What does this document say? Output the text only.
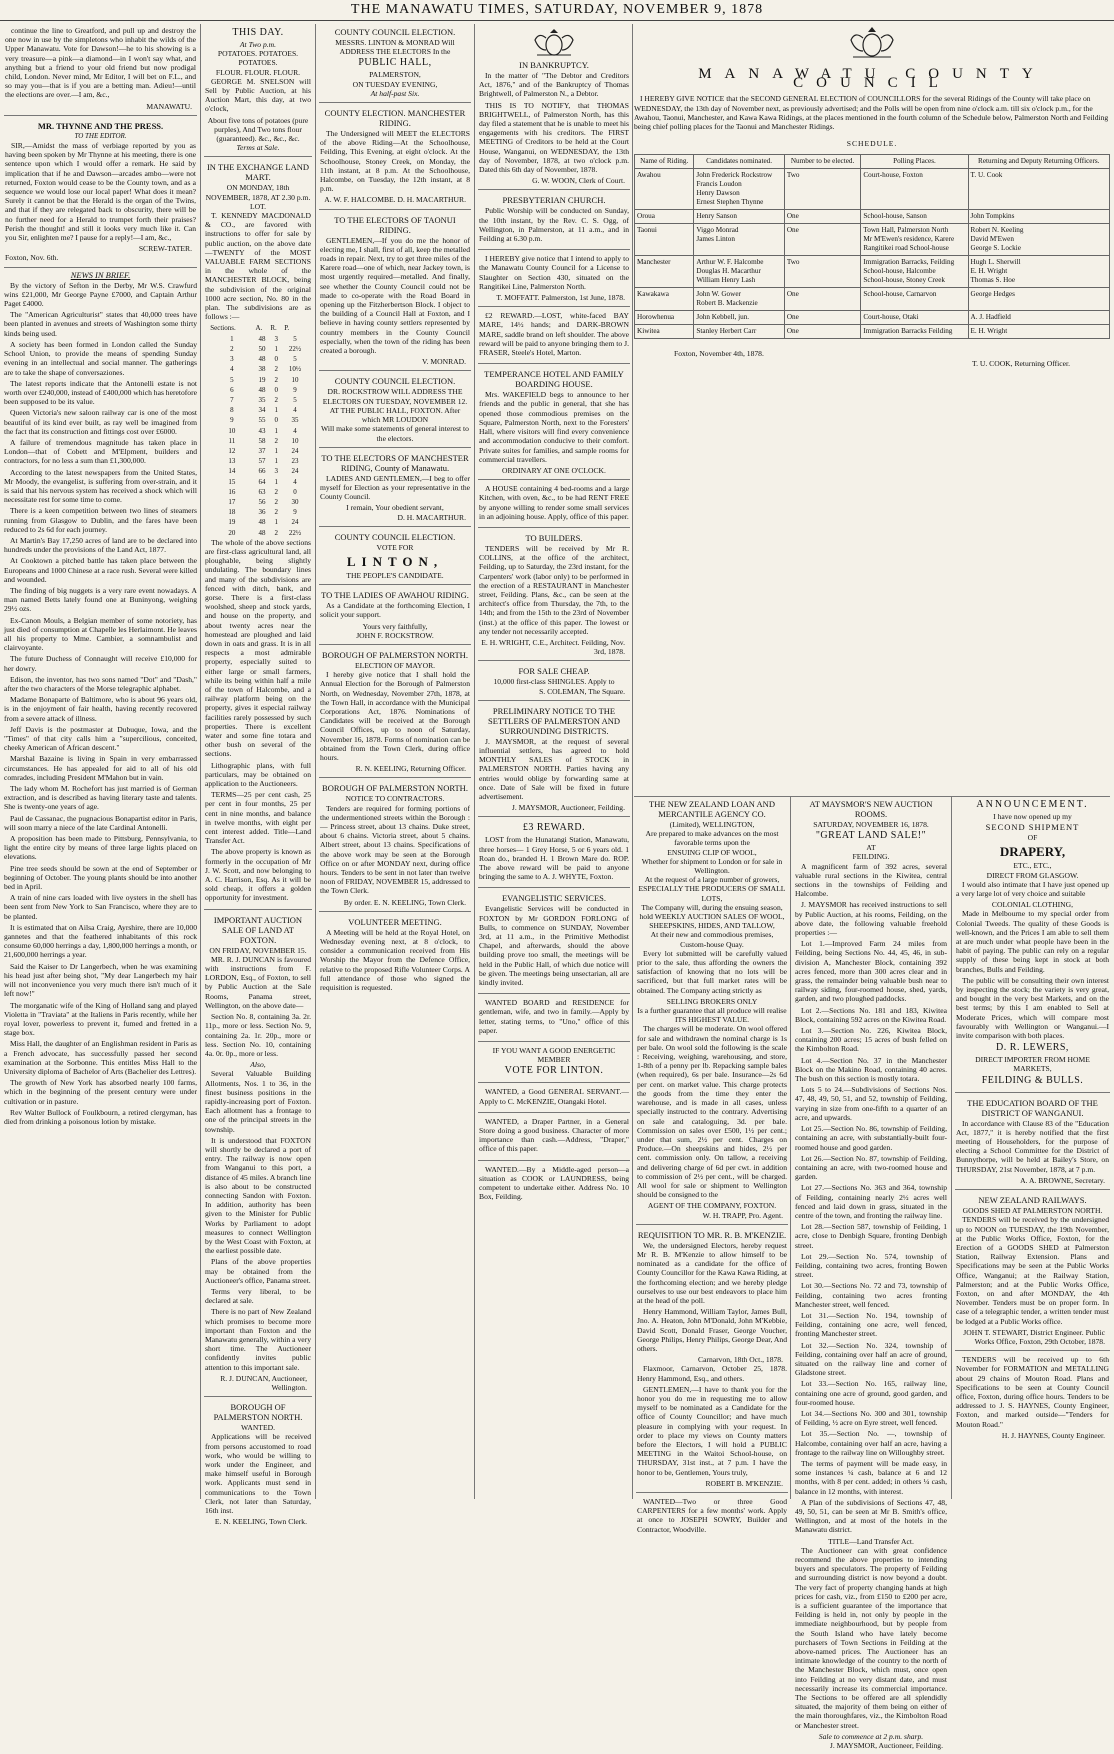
THE MANAWATU TIMES, SATURDAY, NOVEMBER 9, 1878

continue the line to Greatford, and pull up and destroy the one now in use by the simpletons who inhabit the wilds of the Upper Manawatu. Vote for Dawson!—he to his showing is a very treasure—a pink—a diamond—in I won't say what, and anything but a friend to your old friend but now prodigal child, London. Never mind, Mr Editor, I will bet on F.L., and so may you—that is if you are a betting man. Adieu!—until the elections are over.—I am, &c.,

MANAWATU.
MR. THYNNE AND THE PRESS.
TO THE EDITOR.

SIR,—Amidst the mass of verbiage reported by you as having been spoken by Mr Thynne at his meeting, there is one sentence upon which I would offer a remark. He said by implication that if he and Dawson—arcades ambo—were not returned, Foxton would cease to be the County town, and as a sequence we would lose our local paper! What does it mean? Surely it cannot be that the Herald is the organ of the Twins, and that if they are relegated back to obscurity, there will be no further need for a Herald to trumpet forth their praises? Perish the thought! and still it looks very much like it. Can you Sir, enlighten me? I pause for a reply!—I am, &c.,

SCREW-TATER.
Foxton, Nov. 6th.
NEWS IN BRIEF.

By the victory of Sefton in the Derby, Mr W.S. Crawfurd wins £21,000, Mr George Payne £7000, and Captain Arthur Paget £4000.

The "American Agriculturist" states that 40,000 trees have been planted in avenues and streets of Washington some thirty kinds being used.

A society has been formed in London called the Sunday School Union, to provide the means of spending Sunday evening in an intellectual and social manner. The gatherings are to take the shape of conversaziones.

The latest reports indicate that the Antonelli estate is not worth over £240,000, instead of £400,000 which has heretofore been supposed to be its value.

Queen Victoria's new saloon railway car is one of the most beautiful of its kind ever built, as ray well be imagined from the fact that its construction and fittings cost over £6000.

A failure of tremendous magnitude has taken place in London—that of Cobett and M'Elpment, builders and contractors, for no less a sum than £1,300,000.

According to the latest newspapers from the United States, Mr Moody, the evangelist, is suffering from over-strain, and it is said that his nervous system has received a shock which will necessitate rest for some time to come.

There is a keen competition between two lines of steamers running from Glasgow to Dublin, and the fares have been reduced to 2s 6d for each journey.

At Martin's Bay 17,250 acres of land are to be declared into hundreds under the provisions of the Land Act, 1877.

At Cooktown a pitched battle has taken place between the Europeans and 1000 Chinese at a race rush. Several were killed and wounded.

The finding of big nuggets is a very rare event nowadays. A man named Betts lately found one at Buninyong, weighing 29½ ozs.

Ex-Canon Mouls, a Belgian member of some notoriety, has just died of consumption at Chapelle les Herlaimont. He leaves all his property to Mme. Cambier, a somnambulist and clairvoyante.

The future Duchess of Connaught will receive £10,000 for her dowry.

Edison, the inventor, has two sons named "Dot" and "Dash," after the two characters of the Morse telegraphic alphabet.

Madame Bonaparte of Baltimore, who is about 96 years old, is in the enjoyment of fair health, having recently recovered from a severe attack of illness.

Jeff Davis is the postmaster at Dubuque, Iowa, and the "Times" of that city calls him a "supercilious, conceited, cheeky American of African descent."

Marshal Bazaine is living in Spain in very embarrassed circumstances. He has appealed for aid to all of his old comrades, including President M'Mahon but in vain.

The lady whom M. Rochefort has just married is of German extraction, and is described as having literary taste and talents. She is twenty-one years of age.

Paul de Cassanac, the pugnacious Bonapartist editor in Paris, will soon marry a niece of the late Cardinal Antonelli.

A proposition has been made to Pittsburg, Pennsylvania, to light the entire city by means of three large lights placed on elevations.

Pine tree seeds should be sown at the end of September or beginning of October. The young plants should be into another bed in April.

A train of nine cars loaded with live oysters in the shell has been sent from New York to San Francisco, where they are to be planted.

It is estimated that on Ailsa Craig, Ayrshire, there are 10,000 gannetes and that the feathered inhabitants of this rock consume 60,000 herrings a day, 1,800,000 herrings a month, or 21,600,000 herrings a year.

Said the Kaiser to Dr Langerbech, when he was examining his head just after being shot, "My dear Langerbech my hair will not inconvenience you very much there isn't much of it left now!"

The morganatic wife of the King of Holland sang and played Violetta in "Traviata" at the Italiens in Paris recently, while her royal lover, powerless to prevent it, fumed and fretted in a stage box.

Miss Hall, the daughter of an Englishman resident in Paris as a French advocate, has successfully passed her second examination at the Sorbonne. This entitles Miss Hall to the University diploma of Bachelor of Arts (Bachelier des Lettres).

The growth of New York has absorbed nearly 100 farms, which in the beginning of the present century were under cultivation or in pasture.

Rev Walter Bullock of Foulkbourn, a retired clergyman, has died from drinking a poisonous lotion by mistake.

THIS DAY.
At Two p.m.
POTATOES. POTATOES. POTATOES.
FLOUR. FLOUR. FLOUR.

GEORGE M. SNELSON will Sell by Public Auction, at his Auction Mart, this day, at two o'clock,

About five tons of potatoes (pure purples), And Two tons flour (guaranteed). &c., &c., &c.
Terms at Sale.
IN THE EXCHANGE LAND MART.
ON MONDAY, 18th NOVEMBER, 1878, AT 2.30 p.m.
LOT.

T. KENNEDY MACDONALD & CO., are favored with instructions to offer for sale by public auction, on the above date—TWENTY of the MOST VALUABLE FARM SECTIONS in the whole of the MANCHESTER BLOCK, being the subdivision of the original 1000 acre section, No. 80 in the plan. The subdivisions are as follows :—

Sections.	A.	R.	P.
1	48	3	5
2	50	1	22½
3	48	0	5
4	38	2	10½
5	19	2	10
6	48	0	9
7	35	2	5
8	34	1	4
9	55	0	35
10	43	1	4
11	58	2	10
12	37	1	24
13	57	1	23
14	66	3	24
15	64	1	4
16	63	2	0
17	56	2	30
18	36	2	9
19	48	1	24
20	48	2	22½

The whole of the above sections are first-class agricultural land, all ploughable, being slightly undulating. The boundary lines and many of the subdivisions are fenced with ditch, bank, and gorse. There is a first-class woolshed, sheep and stock yards, and house on the property, and about twenty acres near the homestead are ploughed and laid down in oats and grass. It is in all respects a most admirable property, especially suited to either large or small farmers, while its being within half a mile of the town of Halcombe, and a railway platform being on the property, gives it especial railway facilities rarely possessed by such properties. There is excellent water and some fine totara and other bush on several of the sections.

Lithographic plans, with full particulars, may be obtained on application to the Auctioneers.

TERMS—25 per cent cash, 25 per cent in four months, 25 per cent in nine months, and balance in twelve months, with eight per cent interest added. Title—Land Transfer Act.

The above property is known as formerly in the occupation of Mr J. W. Scott, and now belonging to A. C. Harrison, Esq. As it will be sold cheap, it offers a golden opportunity for investment.

IMPORTANT AUCTION SALE OF LAND AT FOXTON.
ON FRIDAY, NOVEMBER 15.

MR. R. J. DUNCAN is favoured with instructions from F. LORDON, Esq., of Foxton, to sell by Public Auction at the Sale Rooms, Panama street, Wellington, on the above date—

Section No. 8, containing 3a. 2r. 11p., more or less. Section No. 9, containing 2a. 1r. 20p., more or less. Section No. 10, containing 4a. 0r. 0p., more or less.

Also,

Several Valuable Building Allotments, Nos. 1 to 36, in the finest business positions in the rapidly-increasing port of Foxton. Each allotment has a frontage to one of the principal streets in the township.

It is understood that FOXTON will shortly be declared a port of entry. The railway is now open from Wanganui to this port, a distance of 45 miles. A branch line is also about to be constructed connecting Sandon with Foxton. In addition, authority has been given to the Minister for Public Works by Parliament to adopt measures to connect Wellington by the West Coast with Foxton, at the earliest possible date.

Plans of the above properties may be obtained from the Auctioneer's office, Panama street.

Terms very liberal, to be declared at sale.

There is no part of New Zealand which promises to become more important than Foxton and the Manawatu generally, within a very short time. The Auctioneer confidently invites public attention to this important sale.

R. J. DUNCAN, Auctioneer, Wellington.
BOROUGH OF PALMERSTON NORTH.
WANTED.

Applications will be received from persons accustomed to road work, who would be willing to work under the Engineer, and make himself useful in Borough work. Applicants must send in communications to the Town Clerk, not later than Saturday, 16th inst.

E. N. KEELING, Town Clerk.
COUNTY COUNCIL ELECTION.
MESSRS. LINTON & MONRAD Will ADDRESS THE ELECTORS In the
PUBLIC HALL,
PALMERSTON,
ON TUESDAY EVENING,
At half-past Six.
COUNTY ELECTION. MANCHESTER RIDING.

The Undersigned will MEET the ELECTORS of the above Riding—At the Schoolhouse, Feilding, This Evening, at eight o'clock. At the Schoolhouse, Stoney Creek, on Monday, the 11th instant, at 8 p.m. At the Schoolhouse, Halcombe, on Tuesday, the 12th instant, at 8 p.m.

A. W. F. HALCOMBE. D. H. MACARTHUR.
TO THE ELECTORS OF TAONUI RIDING.

GENTLEMEN,—If you do me the honor of electing me, I shall, first of all, keep the metalled roads in repair. Next, try to get three miles of the Karere road—one of which, near Jackey town, is most urgently required—metalled. And finally, see whether the County Council could not be made to co-operate with the Road Board in opening up the Fitzherbertson Block. I object to the building of a Council Hall at Foxton, and I believe in having county settlers represented by country members in the County Council especially, when the town of the riding has been created a borough.

V. MONRAD.
COUNTY COUNCIL ELECTION.
DR. ROCKSTROW WILL ADDRESS THE ELECTORS ON TUESDAY, NOVEMBER 12. AT THE PUBLIC HALL, FOXTON. After which MR LOUDON
Will make some statements of general interest to the electors.
TO THE ELECTORS OF MANCHESTER RIDING, County of Manawatu.

LADIES AND GENTLEMEN,—I beg to offer myself for Election as your representative in the County Council.

I remain, Your obedient servant,
D. H. MACARTHUR.
COUNTY COUNCIL ELECTION.
VOTE FOR
LINTON,
THE PEOPLE'S CANDIDATE.
TO THE LADIES OF AWAHOU RIDING.

As a Candidate at the forthcoming Election, I solicit your support.

Yours very faithfully,
JOHN F. ROCKSTROW.
BOROUGH OF PALMERSTON NORTH.
ELECTION OF MAYOR.

I hereby give notice that I shall hold the Annual Election for the Borough of Palmerston North, on Wednesday, November 27th, 1878, at the Town Hall, in accordance with the Municipal Corporations Act, 1876. Nominations of Candidates will be received at the Borough Council Offices, up to noon of Saturday, November 16, 1878. Forms of nomination can be obtained from the Town Clerk, during office hours.

R. N. KEELING, Returning Officer.
BOROUGH OF PALMERSTON NORTH.
NOTICE TO CONTRACTORS.

Tenders are required for forming portions of the undermentioned streets within the Borough :— Princess street, about 13 chains. Duke street, about 6 chains. Victoria street, about 5 chains. Albert street, about 13 chains. Specifications of the above work may be seen at the Borough Office on or after MONDAY next, during office hours. Tenders to be sent in not later than twelve noon of FRIDAY, NOVEMBER 15, addressed to the Town Clerk.

By order. E. N. KEELING, Town Clerk.
VOLUNTEER MEETING.

A Meeting will be held at the Royal Hotel, on Wednesday evening next, at 8 o'clock, to consider a communication received from His Worship the Mayor from the Defence Office, relative to the proposed Rifle Volunteer Corps. A full attendance of those who signed the requisition is requested.

IN BANKRUPTCY.

In the matter of "The Debtor and Creditors Act, 1876," and of the Bankruptcy of Thomas Brightwell, of Palmerston N., a Debtor.

THIS IS TO NOTIFY, that THOMAS BRIGHTWELL, of Palmerston North, has this day filed a statement that he is unable to meet his engagements with his creditors. The FIRST MEETING of Creditors to be held at the Court House, Wanganui, on WEDNESDAY, the 13th day of November, 1878, at two o'clock p.m. Dated this 6th day of November, 1878.

G. W. WOON, Clerk of Court.
PRESBYTERIAN CHURCH.

Public Worship will be conducted on Sunday, the 10th instant, by the Rev. C. S. Ogg, of Wellington, in Palmerston, at 11 a.m., and in Feilding at 6.30 p.m.

I HEREBY give notice that I intend to apply to the Manawatu County Council for a License to Slaughter on Section 430, situated on the Rangitikei Line, Palmerston North.

T. MOFFATT. Palmerston, 1st June, 1878.

£2 REWARD.—LOST, white-faced BAY MARE, 14½ hands; and DARK-BROWN MARE, saddle brand on left shoulder. The above reward will be paid to anyone bringing them to J. FRASER, Steele's Hotel, Marton.

TEMPERANCE HOTEL AND FAMILY BOARDING HOUSE.

Mrs. WAKEFIELD begs to announce to her friends and the public in general, that she has opened those commodious premises on the Square, Palmerston North, next to the Foresters' Hall, where visitors will find every convenience and accommodation conducive to their comfort. Private suites for families, and sample rooms for commercial travellers.

ORDINARY AT ONE O'CLOCK.

A HOUSE containing 4 bed-rooms and a large Kitchen, with oven, &c., to be had RENT FREE by anyone willing to render some small services in an adjoining house. Apply, office of this paper.

TO BUILDERS.

TENDERS will be received by Mr R. COLLINS, at the office of the architect, Feilding, up to Saturday, the 23rd instant, for the Carpenters' work (labor only) to be performed in the erection of a RESTAURANT in Manchester street, Feilding. Plans, &c., can be seen at the architect's office from Thursday, the 7th, to the 14th; and from the 15th to the 23rd of November (inst.) at the office of this paper. The lowest or any tender not necessarily accepted.

E. H. WRIGHT, C.E., Architect. Feilding, Nov. 3rd, 1878.
FOR SALE CHEAP.
10,000 first-class SHINGLES. Apply to
S. COLEMAN, The Square.
PRELIMINARY NOTICE TO THE SETTLERS OF PALMERSTON AND SURROUNDING DISTRICTS.

J. MAYSMOR, at the request of several influential settlers, has agreed to hold MONTHLY SALES of STOCK in PALMERSTON NORTH. Parties having any entries would oblige by forwarding same at once. Date of Sale will be fixed in future advertisement.

J. MAYSMOR, Auctioneer, Feilding.
£3 REWARD.

LOST from the Hunatangi Station, Manawatu, three horses— 1 Grey Horse, 5 or 6 years old. 1 Roan do., branded H. 1 Brown Mare do. ROP. The above reward will be paid to anyone bringing the same to A. J. WHYTE, Foxton.

EVANGELISTIC SERVICES.

Evangelistic Services will be conducted in FOXTON by Mr GORDON FORLONG of Bulls, to commence on SUNDAY, November 3rd, at 11 a.m., in the Primitive Methodist Chapel, and afterwards, should the above building prove too small, the meetings will be held in the Public Hall, of which due notice will be given. The meetings being unsectarian, all are kindly invited.

WANTED BOARD and RESIDENCE for gentleman, wife, and two in family.—Apply by letter, stating terms, to "Uno," office of this paper.

IF YOU WANT A GOOD ENERGETIC MEMBER
VOTE FOR LINTON.

WANTED, a Good GENERAL SERVANT.—Apply to C. McKENZIE, Otangaki Hotel.

WANTED, a Draper Partner, in a General Store doing a good business. Character of more importance than cash.—Address, "Draper," office of this paper.

WANTED.—By a Middle-aged person—a situation as COOK or LAUNDRESS, being competent to undertake either. Address No. 10 Box, Feilding.

MANAWATU COUNTY COUNCIL

I HEREBY GIVE NOTICE that the SECOND GENERAL ELECTION of COUNCILLORS for the several Ridings of the County will take place on WEDNESDAY, the 13th day of November next, as previously advertised; and the Polls will be open from nine o'clock a.m. till six o'clock p.m., for the Awahou, Taonui, Manchester, and Kawa Kawa Ridings, at the places mentioned in the fourth column of the Schedule below, Palmerston North and Feilding being chief polling places for the Taonui and Manchester Ridings.

SCHEDULE.
Name of Riding.	Candidates nominated.	Number to be elected.	Polling Places.	Returning and Deputy Returning Officers.
Awahou	John Frederick Rockstrow
Francis Loudon
Henry Dawson
Ernest Stephen Thynne	Two	Court-house, Foxton	T. U. Cook
Oroua	Henry Sanson	One	School-house, Sanson	John Tompkins
Taonui	Viggo Monrad
James Linton	One	Town Hall, Palmerston North
Mr M'Ewen's residence, Karere
Rangitikei road School-house	Robert N. Keeling
David M'Ewen
George S. Lockie
Manchester	Arthur W. F. Halcombe
Douglas H. Macarthur
William Henry Lash	Two	Immigration Barracks, Feilding
School-house, Halcombe
School-house, Stoney Creek	Hugh L. Sherwill
E. H. Wright
Thomas S. Hoe
Kawakawa	John W. Gower
Robert B. Mackenzie	One	School-house, Carnarvon	George Hedges
Horowhenua	John Kebbell, jun.	One	Court-house, Otaki	A. J. Hadfield
Kiwitea	Stanley Herbert Carr	One	Immigration Barracks Feilding	E. H. Wright
Foxton, November 4th, 1878.
T. U. COOK, Returning Officer.
THE NEW ZEALAND LOAN AND MERCANTILE AGENCY CO.
(Limited), WELLINGTON,
Are prepared to make advances on the most favorable terms upon the
ENSUING CLIP OF WOOL,
Whether for shipment to London or for sale in Wellington.
At the request of a large number of growers,
ESPECIALLY THE PRODUCERS OF SMALL LOTS,
The Company will, during the ensuing season, hold WEEKLY AUCTION SALES OF WOOL, SHEEPSKINS, HIDES, AND TALLOW,
At their new and commodious premises, Custom-house Quay.

Every lot submitted will be carefully valued prior to the sale, thus affording the owners the satisfaction of knowing that no lots will be sacrificed, but that full market rates will be obtained. The Company acting strictly as

SELLING BROKERS ONLY
Is a further guarantee that all produce will realise
ITS HIGHEST VALUE.

The charges will be moderate. On wool offered for sale and withdrawn the nominal charge is 1s per bale. On wool sold the following is the scale : Receiving, weighing, warehousing, and store, 1-8th of a penny per lb. Repacking sample bales (when required), 6s per bale. Insurance—2s 6d per cent. on market value. This charge protects the goods from the time they enter the warehouse, and is made in all cases, unless specially instructed to the contrary. Advertising on sale and cataloguing, 3d. per bale. Commission on sales over £500, 1½ per cent.; under that sum, 2½ per cent. Charges on Produce.—On sheepskins and hides, 2½ per cent. commission only. On tallow, a receiving and delivering charge of 6d per cwt. in addition to commission of 2½ per cent., will be charged. All wool for sale or shipment to Wellington should be consigned to the

AGENT OF THE COMPANY, FOXTON.
W. H. TRAPP, Pro. Agent.
REQUISITION TO MR. R. B. M'KENZIE.

We, the undersigned Electors, hereby request Mr R. B. M'Kenzie to allow himself to be nominated as a candidate for the office of County Councillor for the Kawa Kawa Riding, at the forthcoming election; and we hereby pledge ourselves to use our best endeavors to place him at the head of the poll.

Henry Hammond, William Taylor, James Bull, Jno. A. Heaton, John M'Donald, John M'Kebbie, David Scott, Donald Fraser, George Voucher, George Philips, Henry Philips, George Dear, And others.

Carnarvon, 18th Oct., 1878.

Flaxmoor, Carnarvon, October 25, 1878. Henry Hammond, Esq., and others.

GENTLEMEN,—I have to thank you for the honor you do me in requesting me to allow myself to be nominated as a Candidate for the office of County Councillor; and have much pleasure in complying with your request. In order to place my views on County matters before the Electors, I will hold a PUBLIC MEETING in the Waitoi School-house, on THURSDAY, 31st inst., at 7 p.m. I have the honor to be, Gentlemen, Yours truly,

ROBERT B. M'KENZIE.

WANTED—Two or three Good CARPENTERS for a few months' work. Apply at once to JOSEPH SOWRY, Builder and Contractor, Woodville.

AT MAYSMOR'S NEW AUCTION ROOMS.
SATURDAY, NOVEMBER 16, 1878.
"GREAT LAND SALE!"
AT
FEILDING.

A magnificent farm of 392 acres, several valuable rural sections in the Kiwitea, central sections in the townships of Feilding and Halcombe.

J. MAYSMOR has received instructions to sell by Public Auction, at his rooms, Feilding, on the above date, the following valuable freehold properties :—

Lot 1.—Improved Farm 24 miles from Feilding, being Sections No. 44, 45, 46, in sub-division A, Manchester Block, containing 392 acres fenced, more than 300 acres clear and in grass, the remainder being valuable bush near to railway siding, four-roomed house, shed, yards, garden, and two ploughed paddocks.

Lot 2.—Sections No. 181 and 183, Kiwitea Block, containing 592 acres on the Kiwitea Road.

Lot 3.—Section No. 226, Kiwitea Block, containing 200 acres; 15 acres of bush felled on the Kimbolton Road.

Lot 4.—Section No. 37 in the Manchester Block on the Makino Road, containing 40 acres. The bush on this section is mostly totara.

Lots 5 to 24.—Subdivisions of Sections Nos. 47, 48, 49, 50, 51, and 52, township of Feilding, varying in size from one-fifth to a quarter of an acre, and upwards.

Lot 25.—Section No. 86, township of Feilding, containing an acre, with substantially-built four-roomed house and good garden.

Lot 26.—Section No. 87, township of Feilding, containing an acre, with two-roomed house and garden.

Lot 27.—Sections No. 363 and 364, township of Feilding, containing nearly 2½ acres well fenced and laid down in grass, situated in the centre of the town, and fronting the railway line.

Lot 28.—Section 587, township of Feilding, 1 acre, close to Denbigh Square, fronting Denbigh street.

Lot 29.—Section No. 574, township of Feilding, containing two acres, fronting Bowen street.

Lot 30.—Sections No. 72 and 73, township of Feilding, containing two acres fronting Manchester street, well fenced.

Lot 31.—Section No. 194, township of Feilding, containing one acre, well fenced, fronting Manchester street.

Lot 32.—Section No. 324, township of Feilding, containing over half an acre of ground, situated on the railway line and corner of Gladstone street.

Lot 33.—Section No. 165, railway line, containing one acre of ground, good garden, and four-roomed house.

Lot 34.—Sections No. 300 and 301, township of Feilding, ½ acre on Eyre street, well fenced.

Lot 35.—Section No. —, township of Halcombe, containing over half an acre, having a frontage to the railway line on Willoughby street.

The terms of payment will be made easy, in some instances ¼ cash, balance at 6 and 12 months, with 8 per cent. added; in others ¼ cash, balance in 12 months, with interest.

A Plan of the subdivisions of Sections 47, 48, 49, 50, 51, can be seen at Mr B. Smith's office, Wellington, and at most of the hotels in the Manawatu district.

TITLE—Land Transfer Act.

The Auctioneer can with great confidence recommend the above properties to intending buyers and speculators. The property of Feilding and surrounding district is now beyond a doubt. The very fact of property changing hands at high prices for cash, viz., from £150 to £200 per acre, is a sufficient guarantee of the importance that Feilding is held in, not only by people in the immediate neighbourhood, but by people from the South Island who have lately become purchasers of Town Sections in Feilding at the above-named prices. The Auctioneer has an intimate knowledge of the country to the north of the Manchester Block, which must, once open into Feilding at no very distant date, and must necessarily increase its commercial importance. The Sections to be offered are all splendidly situated, the majority of them being on either of the main thoroughfares, viz., the Kimbolton Road or Manchester street.

Sale to commence at 2 p.m. sharp.
J. MAYSMOR, Auctioneer, Feilding.
ANNOUNCEMENT.
I have now opened up my
SECOND SHIPMENT
OF
DRAPERY,
ETC., ETC.,
DIRECT FROM GLASGOW.

I would also intimate that I have just opened up a very large lot of very choice and suitable

COLONIAL CLOTHING,

Made in Melbourne to my special order from Colonial Tweeds. The quality of these Goods is well-known, and the Prices I am able to sell them at are much under what people have been in the habit of paying. The public can rely on a regular supply of these being kept in stock at both branches, Bulls and Feilding.

The public will be consulting their own interest by inspecting the stock; the variety is very great, and bought in the very best Markets, and on the best terms; by this I am enabled to Sell at Moderate Prices, which will compare most favourably with Wellington or Wanganui.—I invite comparison with both places.

D. R. LEWERS,
DIRECT IMPORTER FROM HOME MARKETS,
FEILDING & BULLS.
THE EDUCATION BOARD OF THE DISTRICT OF WANGANUI.

In accordance with Clause 83 of the "Education Act, 1877," it is hereby notified that the first meeting of Householders, for the purpose of electing a School Committee for the District of Bunnythorpe, will be held at Bailey's Store, on THURSDAY, 21st November, 1878, at 7 p.m.

A. A. BROWNE, Secretary.
NEW ZEALAND RAILWAYS.
GOODS SHED AT PALMERSTON NORTH.

TENDERS will be received by the undersigned up to NOON on TUESDAY, the 19th November, at the Public Works Office, Foxton, for the Erection of a GOODS SHED at Palmerston Station, Railway Extension. Plans and Specifications may be seen at the Public Works Office, Wanganui; at the Railway Station, Palmerston; and at the Public Works Office, Foxton, on and after MONDAY, the 4th November. Tenders must be on proper form. In case of a telegraphic tender, a written tender must be lodged at a Public Works office.

JOHN T. STEWART, District Engineer. Public Works Office, Foxton, 29th October, 1878.

TENDERS will be received up to 6th November for FORMATION and METALLING about 29 chains of Mouton Road. Plans and Specifications to be seen at County Council office, Foxton, during office hours. Tenders to be addressed to J. S. HAYNES, County Engineer, Foxton, and marked outside—"Tenders for Mouton Road."

H. J. HAYNES, County Engineer.
